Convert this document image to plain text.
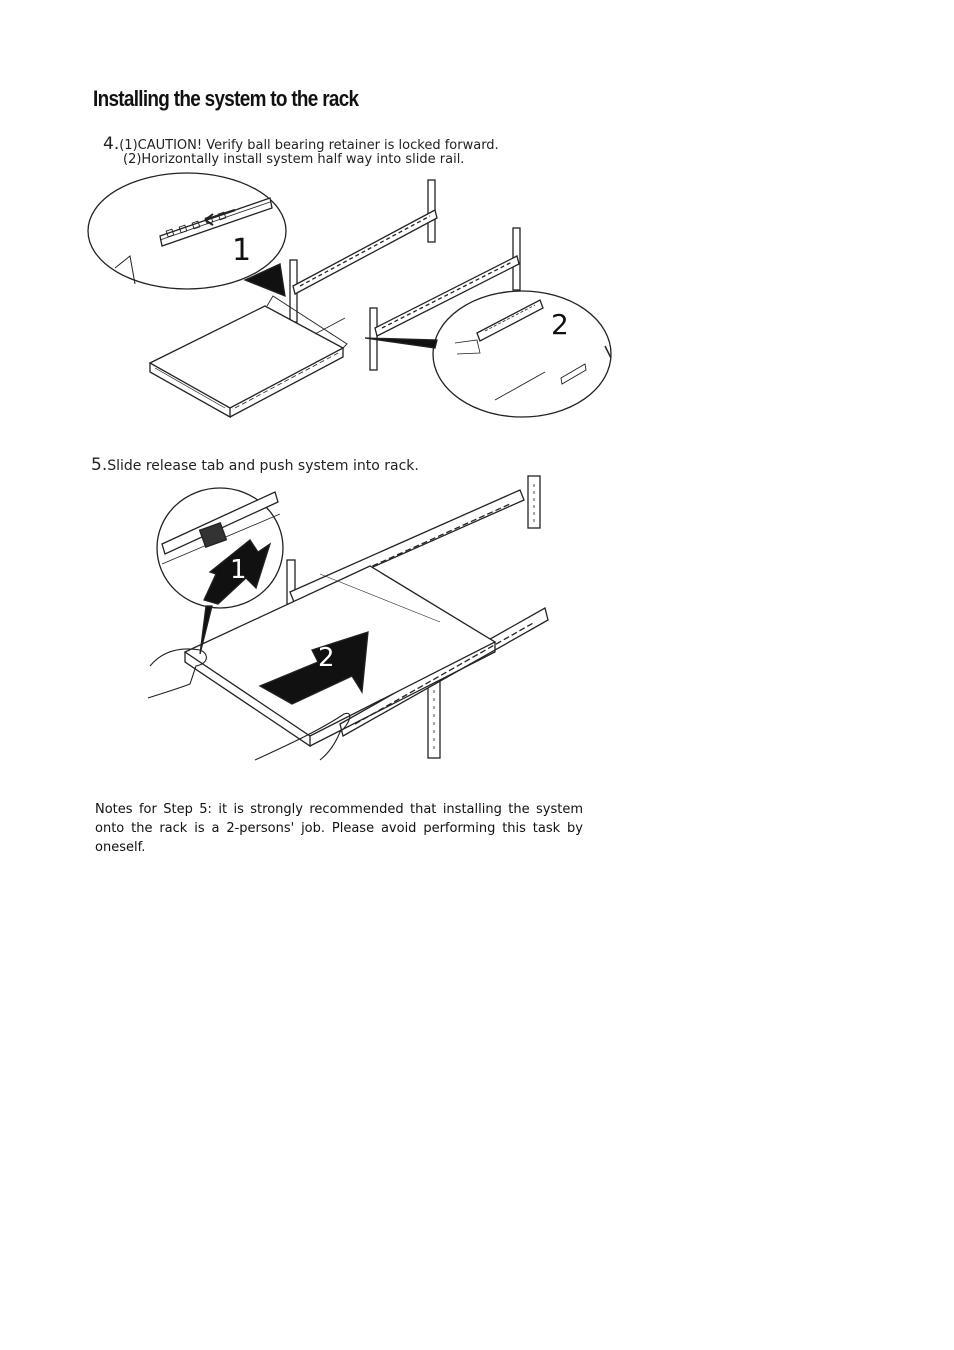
Installing the system to the rack
4.(1)CAUTION! Verify ball bearing retainer is locked forward.
(2)Horizontally install system half way into slide rail.
1
2
5.Slide release tab and push system into rack.
1
2
Notes for Step 5: it is strongly recommended that installing the system onto the rack is a 2-persons' job. Please avoid performing this task by oneself.
